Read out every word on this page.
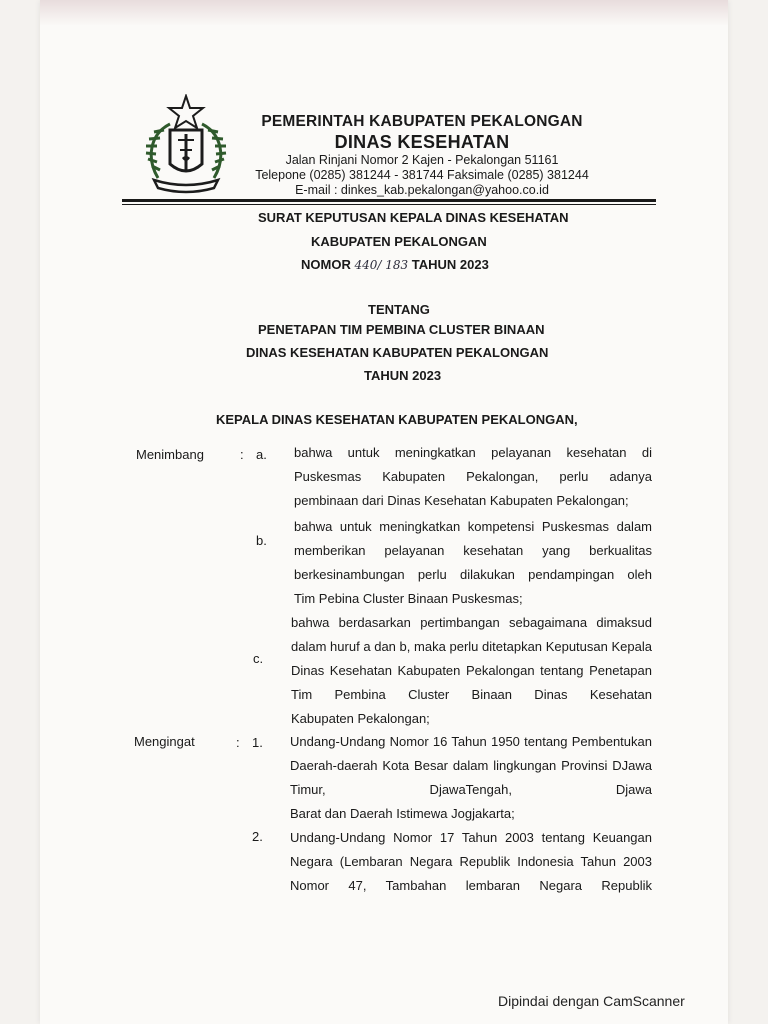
PEMERINTAH KABUPATEN PEKALONGAN
DINAS KESEHATAN
Jalan Rinjani Nomor 2 Kajen - Pekalongan 51161
Telepone (0285) 381244 - 381744 Faksimale (0285) 381244
E-mail : dinkes_kab.pekalongan@yahoo.co.id
SURAT KEPUTUSAN KEPALA DINAS KESEHATAN
KABUPATEN PEKALONGAN
NOMOR 440/ 183 TAHUN 2023
TENTANG
PENETAPAN TIM PEMBINA CLUSTER BINAAN
DINAS KESEHATAN KABUPATEN PEKALONGAN
TAHUN 2023
KEPALA DINAS KESEHATAN KABUPATEN PEKALONGAN,
Menimbang	: a. bahwa untuk meningkatkan pelayanan kesehatan di Puskesmas Kabupaten Pekalongan, perlu adanya
pembinaan dari Dinas Kesehatan Kabupaten Pekalongan;
b.
bahwa untuk meningkatkan kompetensi Puskesmas dalam memberikan pelayanan kesehatan yang berkualitas berkesinambungan perlu dilakukan pendampingan oleh
Tim Pebina Cluster Binaan Puskesmas;
c.
bahwa berdasarkan pertimbangan sebagaimana dimaksud dalam huruf a dan b, maka perlu ditetapkan Keputusan Kepala Dinas Kesehatan Kabupaten Pekalongan tentang Penetapan Tim Pembina Cluster Binaan Dinas Kesehatan
Kabupaten Pekalongan;
Mengingat	: 1. Undang-Undang Nomor 16 Tahun 1950 tentang Pembentukan Daerah-daerah Kota Besar dalam lingkungan Provinsi DJawa Timur, DjawaTengah, Djawa
Barat dan Daerah Istimewa Jogjakarta;
2. Undang-Undang Nomor 17 Tahun 2003 tentang Keuangan Negara (Lembaran Negara Republik Indonesia Tahun 2003 Nomor 47, Tambahan lembaran Negara Republik
Dipindai dengan CamScanner
